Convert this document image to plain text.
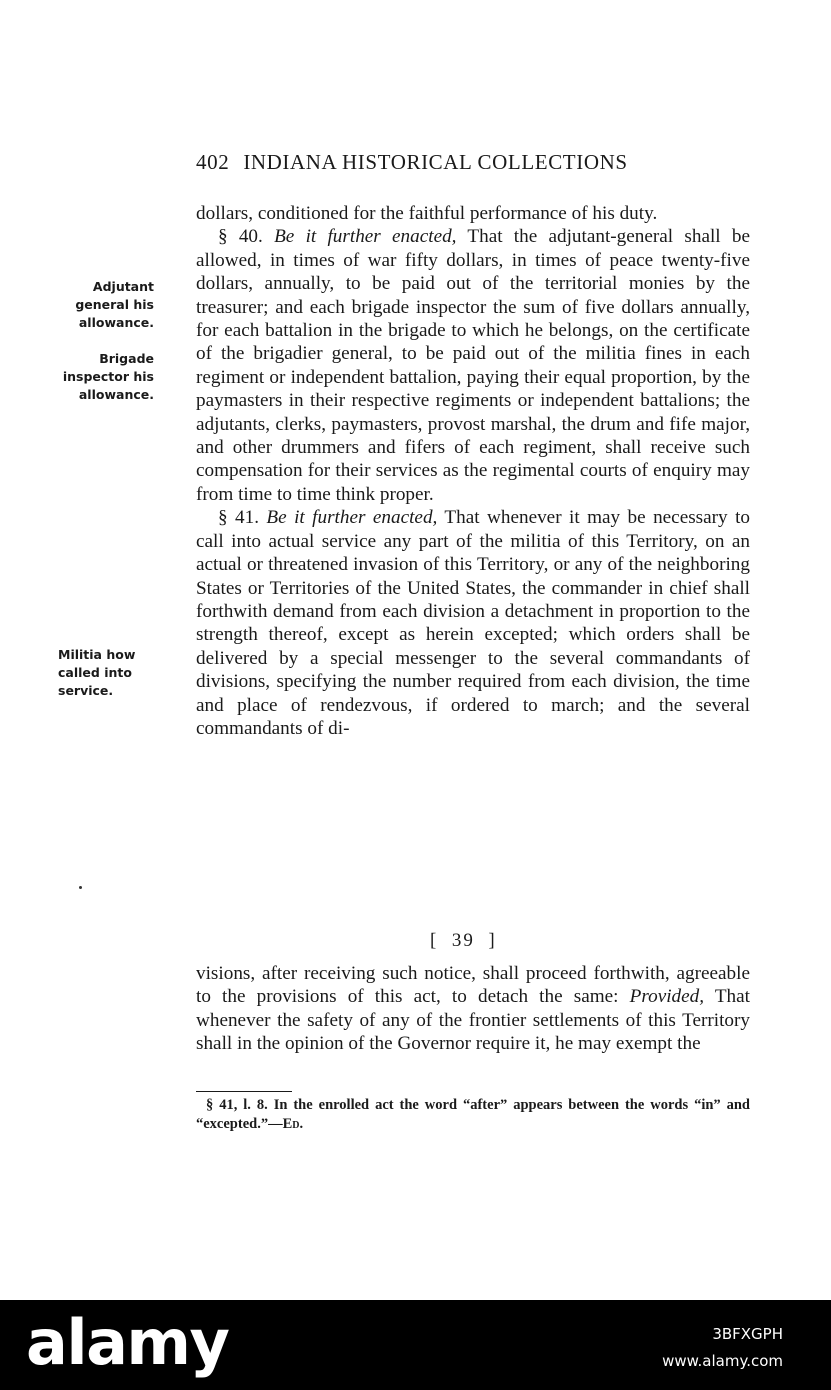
402 INDIANA HISTORICAL COLLECTIONS
Adjutant general his allowance.
Brigade inspector his allowance.
Militia how called into service.

dollars, conditioned for the faithful performance of his duty.

§ 40. Be it further enacted, That the adjutant-general shall be allowed, in times of war fifty dollars, in times of peace twenty-five dollars, annually, to be paid out of the territorial monies by the treasurer; and each brigade inspector the sum of five dollars annually, for each battalion in the brigade to which he belongs, on the certificate of the brigadier general, to be paid out of the militia fines in each regiment or independent battalion, paying their equal proportion, by the paymasters in their respective regiments or independent battalions; the adjutants, clerks, paymasters, provost marshal, the drum and fife major, and other drummers and fifers of each regiment, shall receive such compensation for their services as the regimental courts of enquiry may from time to time think proper.

§ 41. Be it further enacted, That whenever it may be necessary to call into actual service any part of the militia of this Territory, on an actual or threatened invasion of this Territory, or any of the neighboring States or Territories of the United States, the commander in chief shall forthwith demand from each division a detachment in proportion to the strength thereof, except as herein excepted; which orders shall be delivered by a special messenger to the several commandants of divisions, specifying the number required from each division, the time and place of rendezvous, if ordered to march; and the several commandants of di-

[  39  ]

visions, after receiving such notice, shall proceed forthwith, agreeable to the provisions of this act, to detach the same: Provided, That whenever the safety of any of the frontier settlements of this Territory shall in the opinion of the Governor require it, he may exempt the

§ 41, l. 8. In the enrolled act the word “after” appears between the words “in” and “excepted.”—Ed.
alamy	3BFXGPH
www.alamy.com
